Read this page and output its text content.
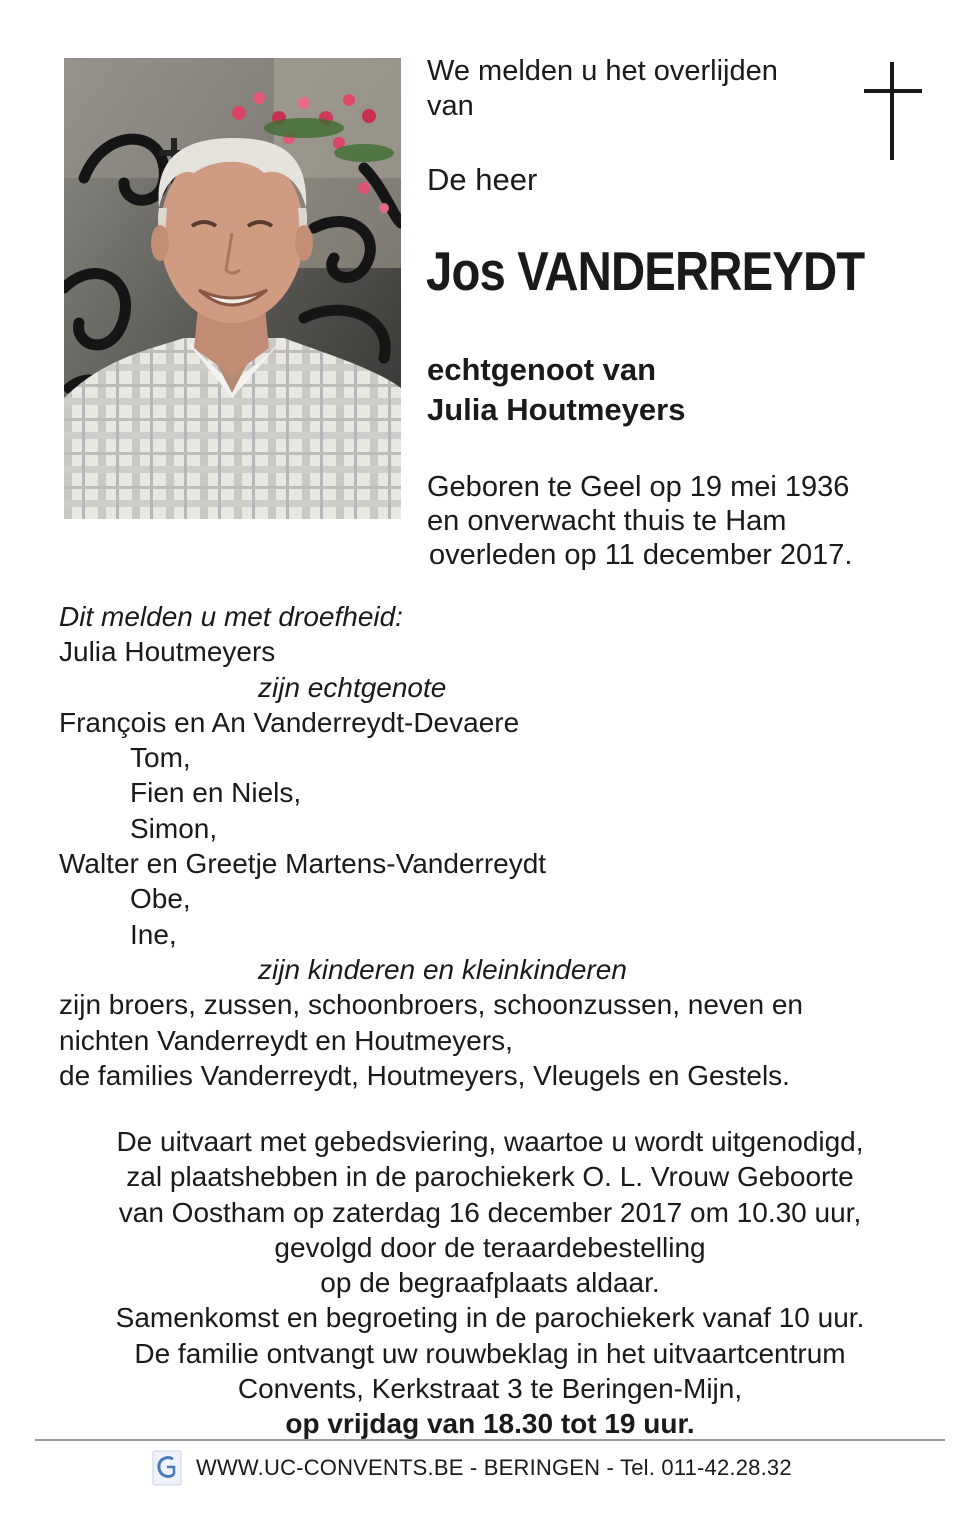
We melden u het overlijden
van
De heer
Jos VANDERREYDT
echtgenoot van
Julia Houtmeyers
Geboren te Geel op 19 mei 1936
en onverwacht thuis te Ham
overleden op 11 december 2017.
Dit melden u met droefheid:
Julia Houtmeyers
zijn echtgenote
François en An Vanderreydt-Devaere
Tom,
Fien en Niels,
Simon,
Walter en Greetje Martens-Vanderreydt
Obe,
Ine,
zijn kinderen en kleinkinderen
zijn broers, zussen, schoonbroers, schoonzussen, neven en
nichten Vanderreydt en Houtmeyers,
de families Vanderreydt, Houtmeyers, Vleugels en Gestels.
De uitvaart met gebedsviering, waartoe u wordt uitgenodigd,
zal plaatshebben in de parochiekerk O. L. Vrouw Geboorte
van Oostham op zaterdag 16 december 2017 om 10.30 uur,
gevolgd door de teraardebestelling
op de begraafplaats aldaar.
Samenkomst en begroeting in de parochiekerk vanaf 10 uur.
De familie ontvangt uw rouwbeklag in het uitvaartcentrum
Convents, Kerkstraat 3 te Beringen-Mijn,
op vrijdag van 18.30 tot 19 uur.
WWW.UC-CONVENTS.BE - BERINGEN - Tel. 011-42.28.32
